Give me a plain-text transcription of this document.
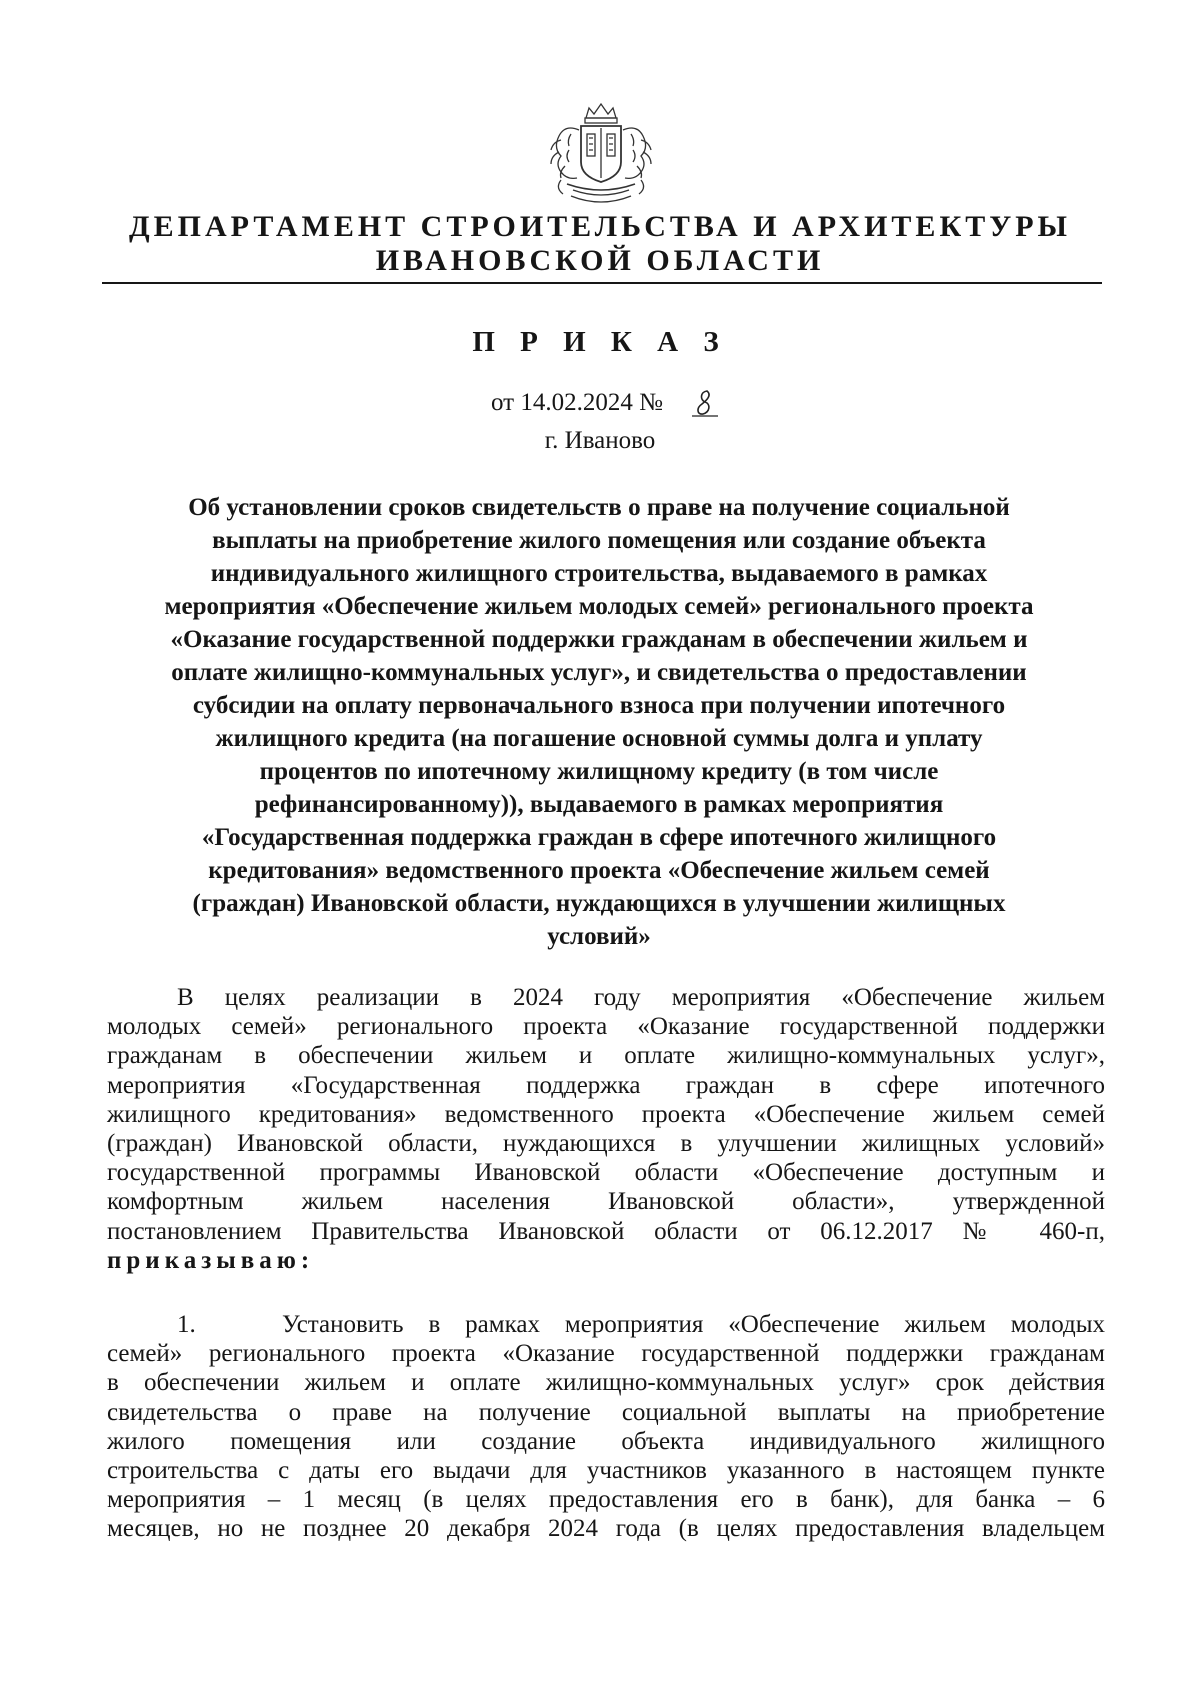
ДЕПАРТАМЕНТ СТРОИТЕЛЬСТВА И АРХИТЕКТУРЫ
ИВАНОВСКОЙ ОБЛАСТИ
П Р И К А З
от 14.02.2024 №
г. Иваново
Об установлении сроков свидетельств о праве на получение социальной
выплаты на приобретение жилого помещения или создание объекта
индивидуального жилищного строительства, выдаваемого в рамках
мероприятия «Обеспечение жильем молодых семей» регионального проекта
«Оказание государственной поддержки гражданам в обеспечении жильем и
оплате жилищно-коммунальных услуг», и свидетельства о предоставлении
субсидии на оплату первоначального взноса при получении ипотечного
жилищного кредита (на погашение основной суммы долга и уплату
процентов по ипотечному жилищному кредиту (в том числе
рефинансированному)), выдаваемого в рамках мероприятия
«Государственная поддержка граждан в сфере ипотечного жилищного
кредитования» ведомственного проекта «Обеспечение жильем семей
(граждан) Ивановской области, нуждающихся в улучшении жилищных
условий»
В целях реализации в 2024 году мероприятия «Обеспечение жильем
молодых семей» регионального проекта «Оказание государственной поддержки
гражданам в обеспечении жильем и оплате жилищно-коммунальных услуг»,
мероприятия «Государственная поддержка граждан в сфере ипотечного
жилищного кредитования» ведомственного проекта «Обеспечение жильем семей
(граждан) Ивановской области, нуждающихся в улучшении жилищных условий»
государственной программы Ивановской области «Обеспечение доступным и
комфортным жильем населения Ивановской области», утвержденной
постановлением Правительства Ивановской области от 06.12.2017 № 460-п,
приказываю:
1.	Установить в рамках мероприятия «Обеспечение жильем молодых
семей» регионального проекта «Оказание государственной поддержки гражданам
в обеспечении жильем и оплате жилищно-коммунальных услуг» срок действия
свидетельства о праве на получение социальной выплаты на приобретение
жилого помещения или создание объекта индивидуального жилищного
строительства с даты его выдачи для участников указанного в настоящем пункте
мероприятия – 1 месяц (в целях предоставления его в банк), для банка – 6
месяцев, но не позднее 20 декабря 2024 года (в целях предоставления владельцем
